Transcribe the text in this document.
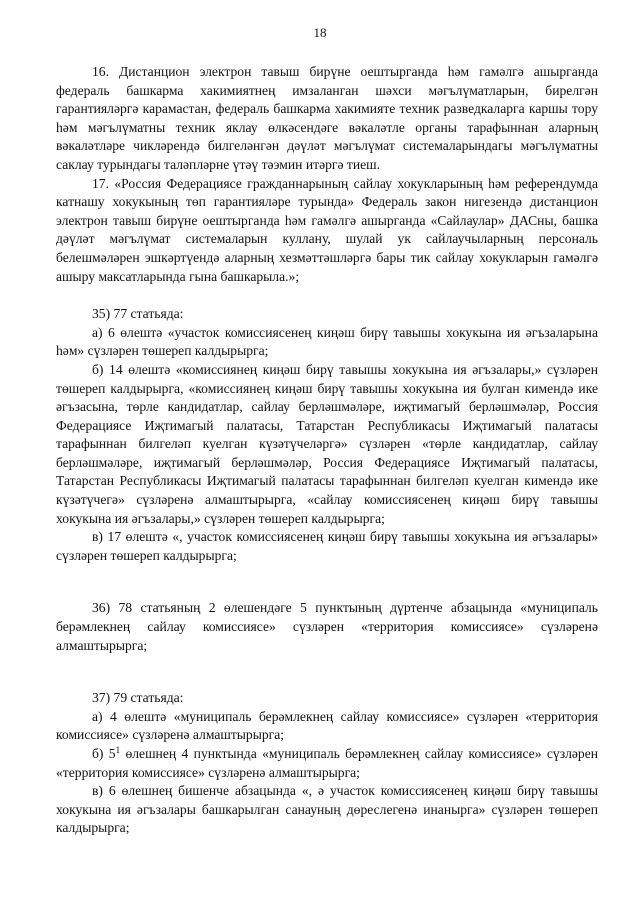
18

16. Дистанцион электрон тавыш бирүне оештырганда һәм гамәлгә ашырганда федераль башкарма хакимиятнең имзаланган шәхси мәгълүматларын, бирелгән гарантияләргә карамастан, федераль башкарма хакимияте техник разведкаларга каршы тору һәм мәгълүматны техник яклау өлкәсендәге вәкаләтле органы тарафыннан аларның вәкаләтләре чикләрендә билгеләнгән дәүләт мәгълүмат системаларындагы мәгълүматны саклау турындагы таләпләрне үтәү тәэмин итәргә тиеш.

17. «Россия Федерациясе гражданнарының сайлау хокукларының һәм референдумда катнашу хокукының төп гарантияләре турында» Федераль закон нигезендә дистанцион электрон тавыш бирүне оештырганда һәм гамәлгә ашырганда «Сайлаулар» ДАСны, башка дәүләт мәгълүмат системаларын куллану, шулай ук сайлаучыларның персональ белешмәләрен эшкәртүендә аларның хезмәттәшләргә бары тик сайлау хокукларын гамәлгә ашыру максатларында гына башкарыла.»;

35) 77 статьяда:

а) 6 өлештә «участок комиссиясенең киңәш бирү тавышы хокукына ия әгъзаларына һәм» сүзләрен төшереп калдырырга;

б) 14 өлештә «комиссиянең киңәш бирү тавышы хокукына ия әгъзалары,» сүзләрен төшереп калдырырга, «комиссиянең киңәш бирү тавышы хокукына ия булган кимендә ике әгъзасына, төрле кандидатлар, сайлау берләшмәләре, иҗтимагый берләшмәләр, Россия Федерациясе Иҗтимагый палатасы, Татарстан Республикасы Иҗтимагый палатасы тарафыннан билгеләп куелган күзәтүчеләргә» сүзләрен «төрле кандидатлар, сайлау берләшмәләре, иҗтимагый берләшмәләр, Россия Федерациясе Иҗтимагый палатасы, Татарстан Республикасы Иҗтимагый палатасы тарафыннан билгеләп куелган кимендә ике күзәтүчегә» сүзләренә алмаштырырга, «сайлау комиссиясенең киңәш бирү тавышы хокукына ия әгъзалары,» сүзләрен төшереп калдырырга;

в) 17 өлештә «, участок комиссиясенең киңәш бирү тавышы хокукына ия әгъзалары» сүзләрен төшереп калдырырга;

36) 78 статьяның 2 өлешендәге 5 пунктының дүртенче абзацында «муниципаль берәмлекнең сайлау комиссиясе» сүзләрен «территория комиссиясе» сүзләренә алмаштырырга;

37) 79 статьяда:

а) 4 өлештә «муниципаль берәмлекнең сайлау комиссиясе» сүзләрен «территория комиссиясе» сүзләренә алмаштырырга;

б) $5^1$ өлешнең 4 пунктында «муниципаль берәмлекнең сайлау комиссиясе» сүзләрен «территория комиссиясе» сүзләренә алмаштырырга;

в) 6 өлешнең бишенче абзацында «, ә участок комиссиясенең киңәш бирү тавышы хокукына ия әгъзалары башкарылган санауның дөреслегенә инанырга» сүзләрен төшереп калдырырга;
